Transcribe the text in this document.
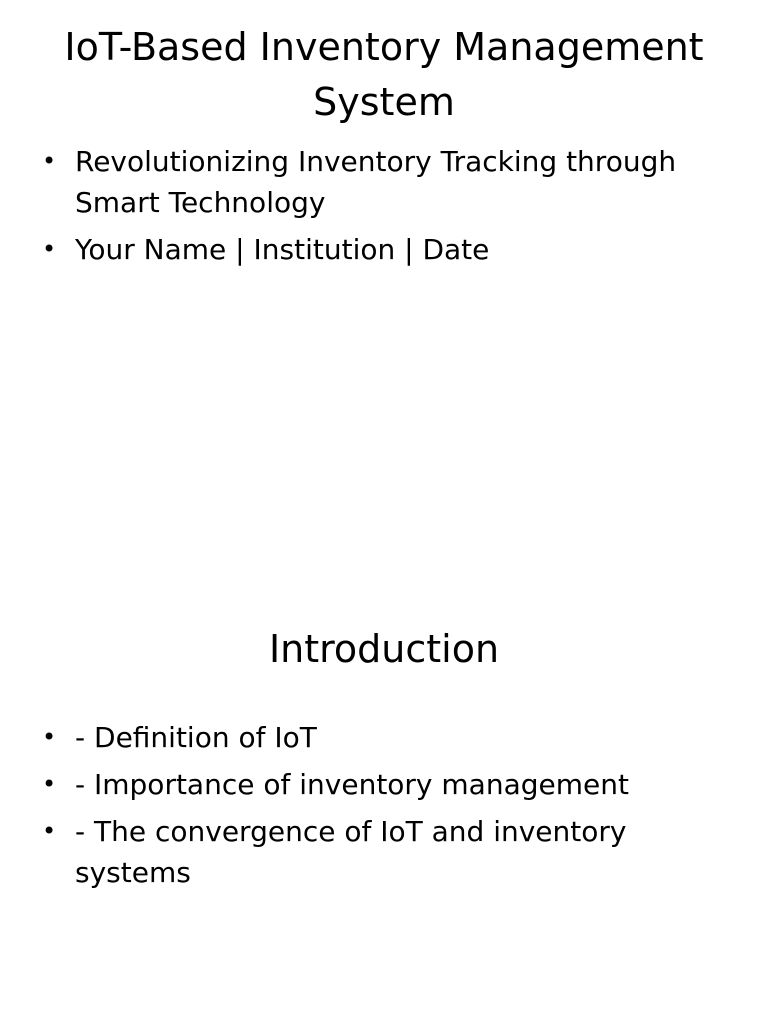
IoT-Based Inventory Management System
• Revolutionizing Inventory Tracking through Smart Technology
• Your Name | Institution | Date
Introduction
• - Definition of IoT
• - Importance of inventory management
• - The convergence of IoT and inventory systems
